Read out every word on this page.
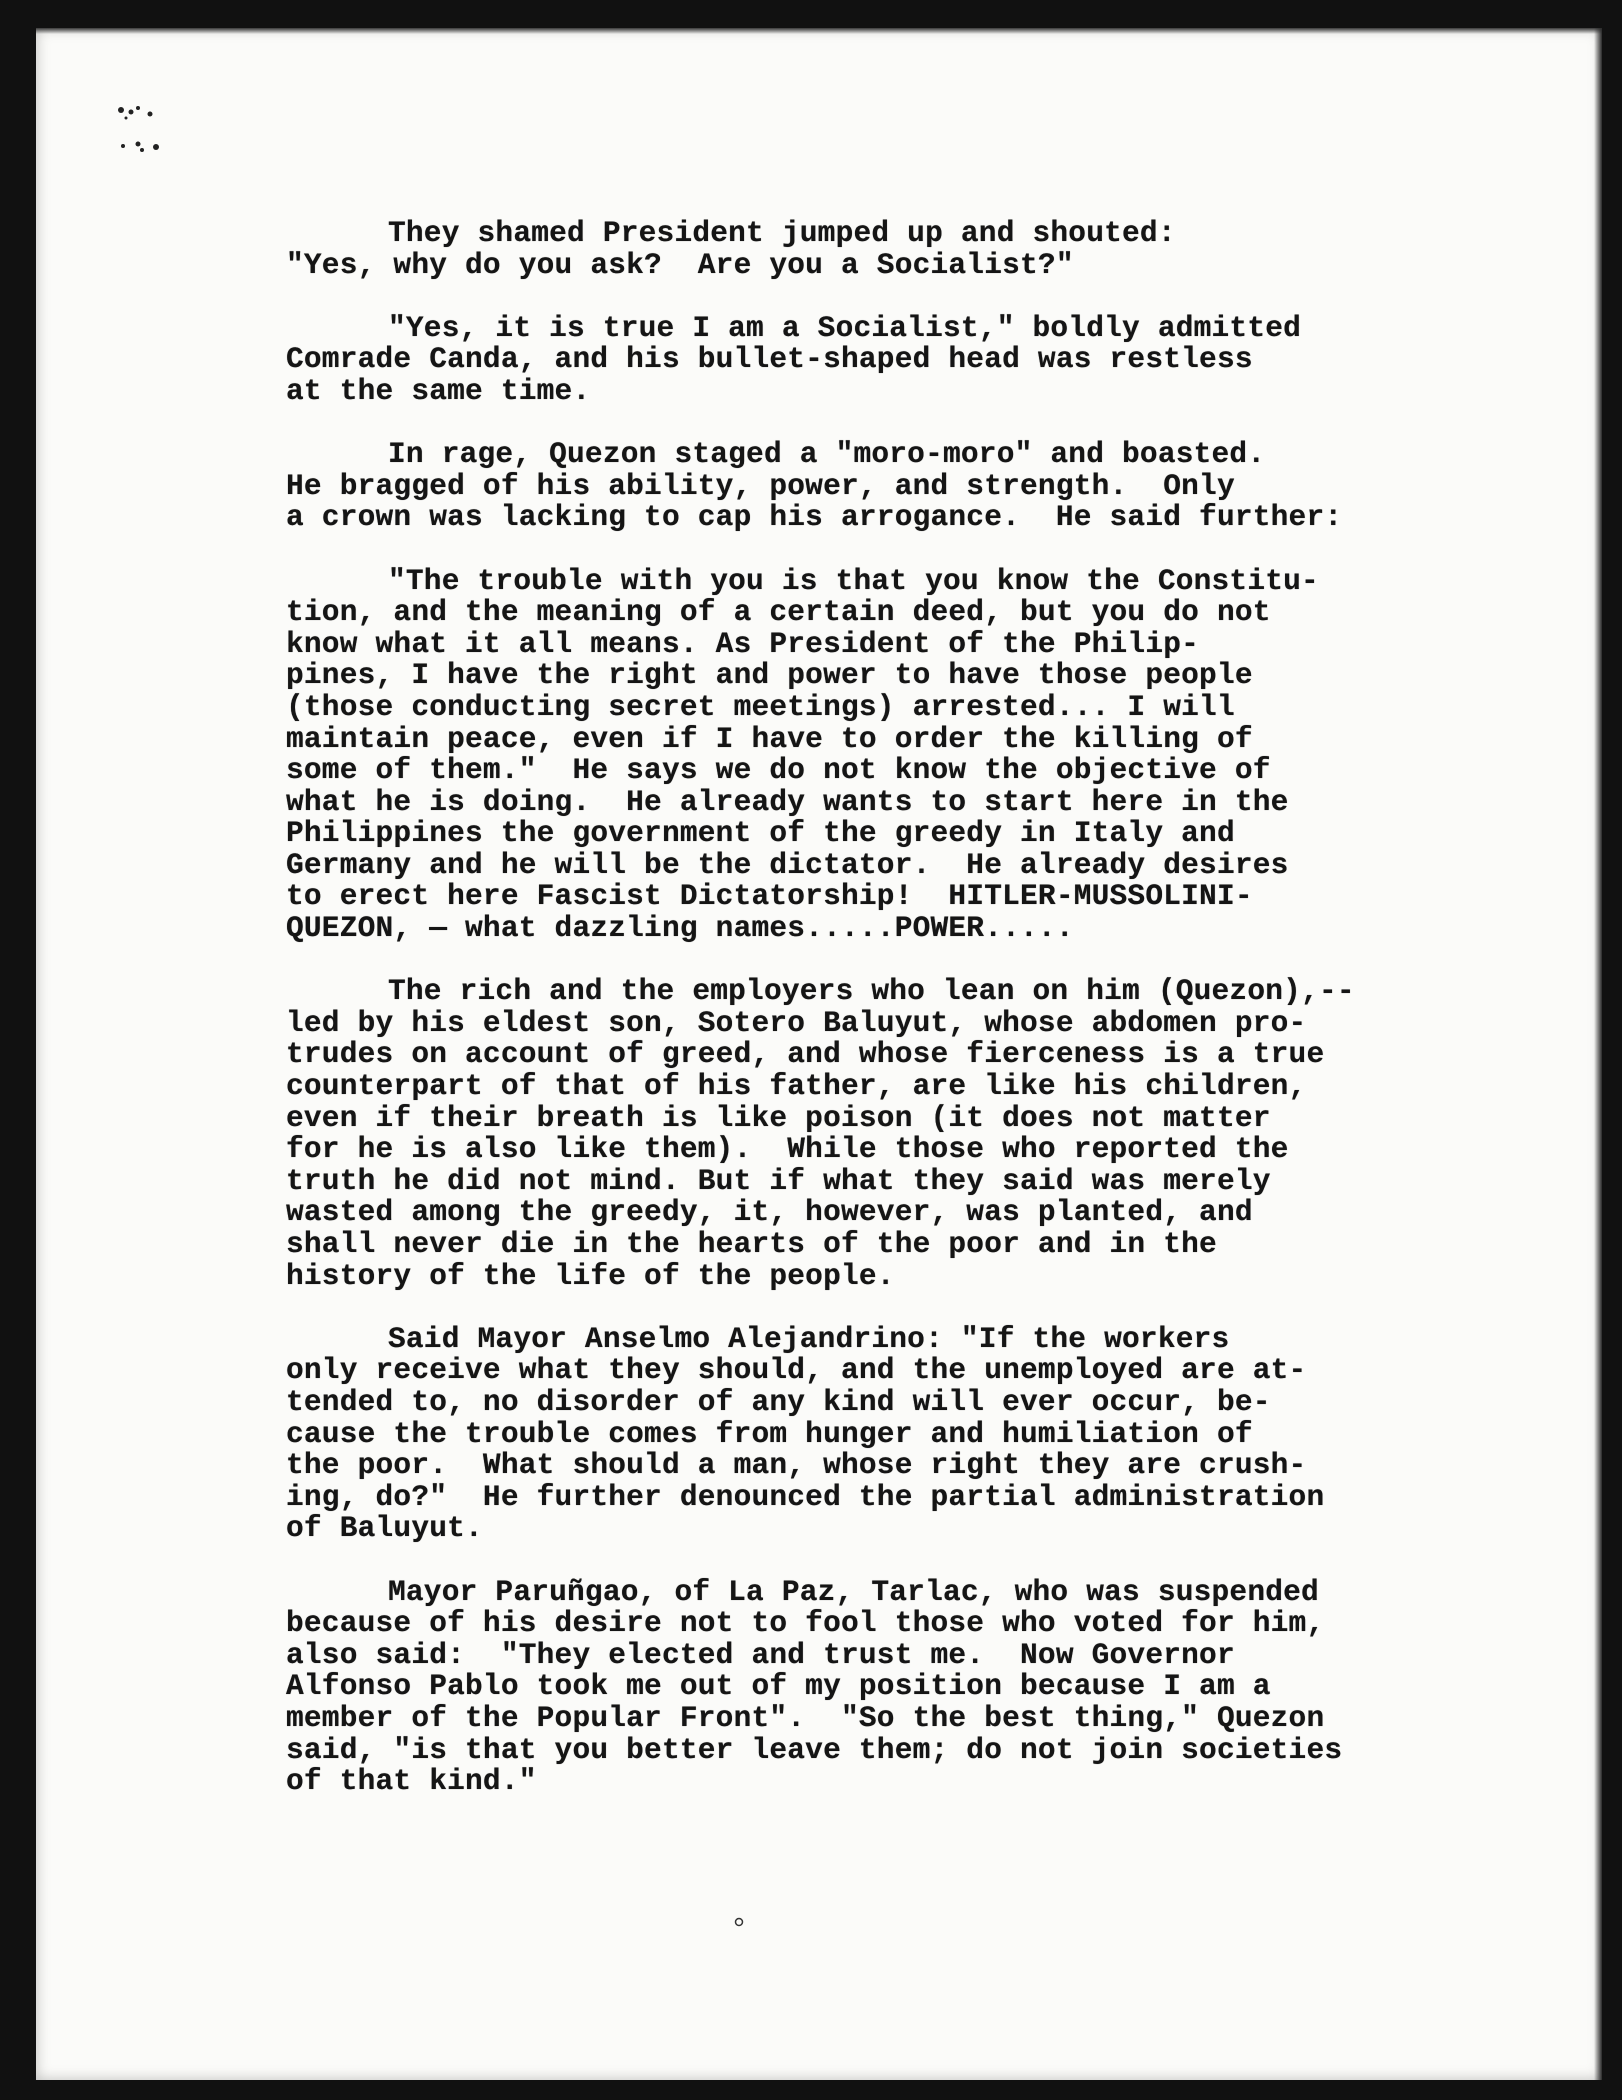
They shamed President jumped up and shouted:
"Yes, why do you ask?  Are you a Socialist?"
"Yes, it is true I am a Socialist," boldly admitted
Comrade Canda, and his bullet-shaped head was restless
at the same time.
In rage, Quezon staged a "moro-moro" and boasted.
He bragged of his ability, power, and strength.  Only
a crown was lacking to cap his arrogance.  He said further:
"The trouble with you is that you know the Constitu-
tion, and the meaning of a certain deed, but you do not
know what it all means. As President of the Philip-
pines, I have the right and power to have those people
(those conducting secret meetings) arrested... I will
maintain peace, even if I have to order the killing of
some of them."  He says we do not know the objective of
what he is doing.  He already wants to start here in the
Philippines the government of the greedy in Italy and
Germany and he will be the dictator.  He already desires
to erect here Fascist Dictatorship!  HITLER-MUSSOLINI-
QUEZON, — what dazzling names.....POWER.....
The rich and the employers who lean on him (Quezon),--
led by his eldest son, Sotero Baluyut, whose abdomen pro-
trudes on account of greed, and whose fierceness is a true
counterpart of that of his father, are like his children,
even if their breath is like poison (it does not matter
for he is also like them).  While those who reported the
truth he did not mind. But if what they said was merely
wasted among the greedy, it, however, was planted, and
shall never die in the hearts of the poor and in the
history of the life of the people.
Said Mayor Anselmo Alejandrino: "If the workers
only receive what they should, and the unemployed are at-
tended to, no disorder of any kind will ever occur, be-
cause the trouble comes from hunger and humiliation of
the poor.  What should a man, whose right they are crush-
ing, do?"  He further denounced the partial administration
of Baluyut.
Mayor Paruñgao, of La Paz, Tarlac, who was suspended
because of his desire not to fool those who voted for him,
also said:  "They elected and trust me.  Now Governor
Alfonso Pablo took me out of my position because I am a
member of the Popular Front".  "So the best thing," Quezon
said, "is that you better leave them; do not join societies
of that kind."
